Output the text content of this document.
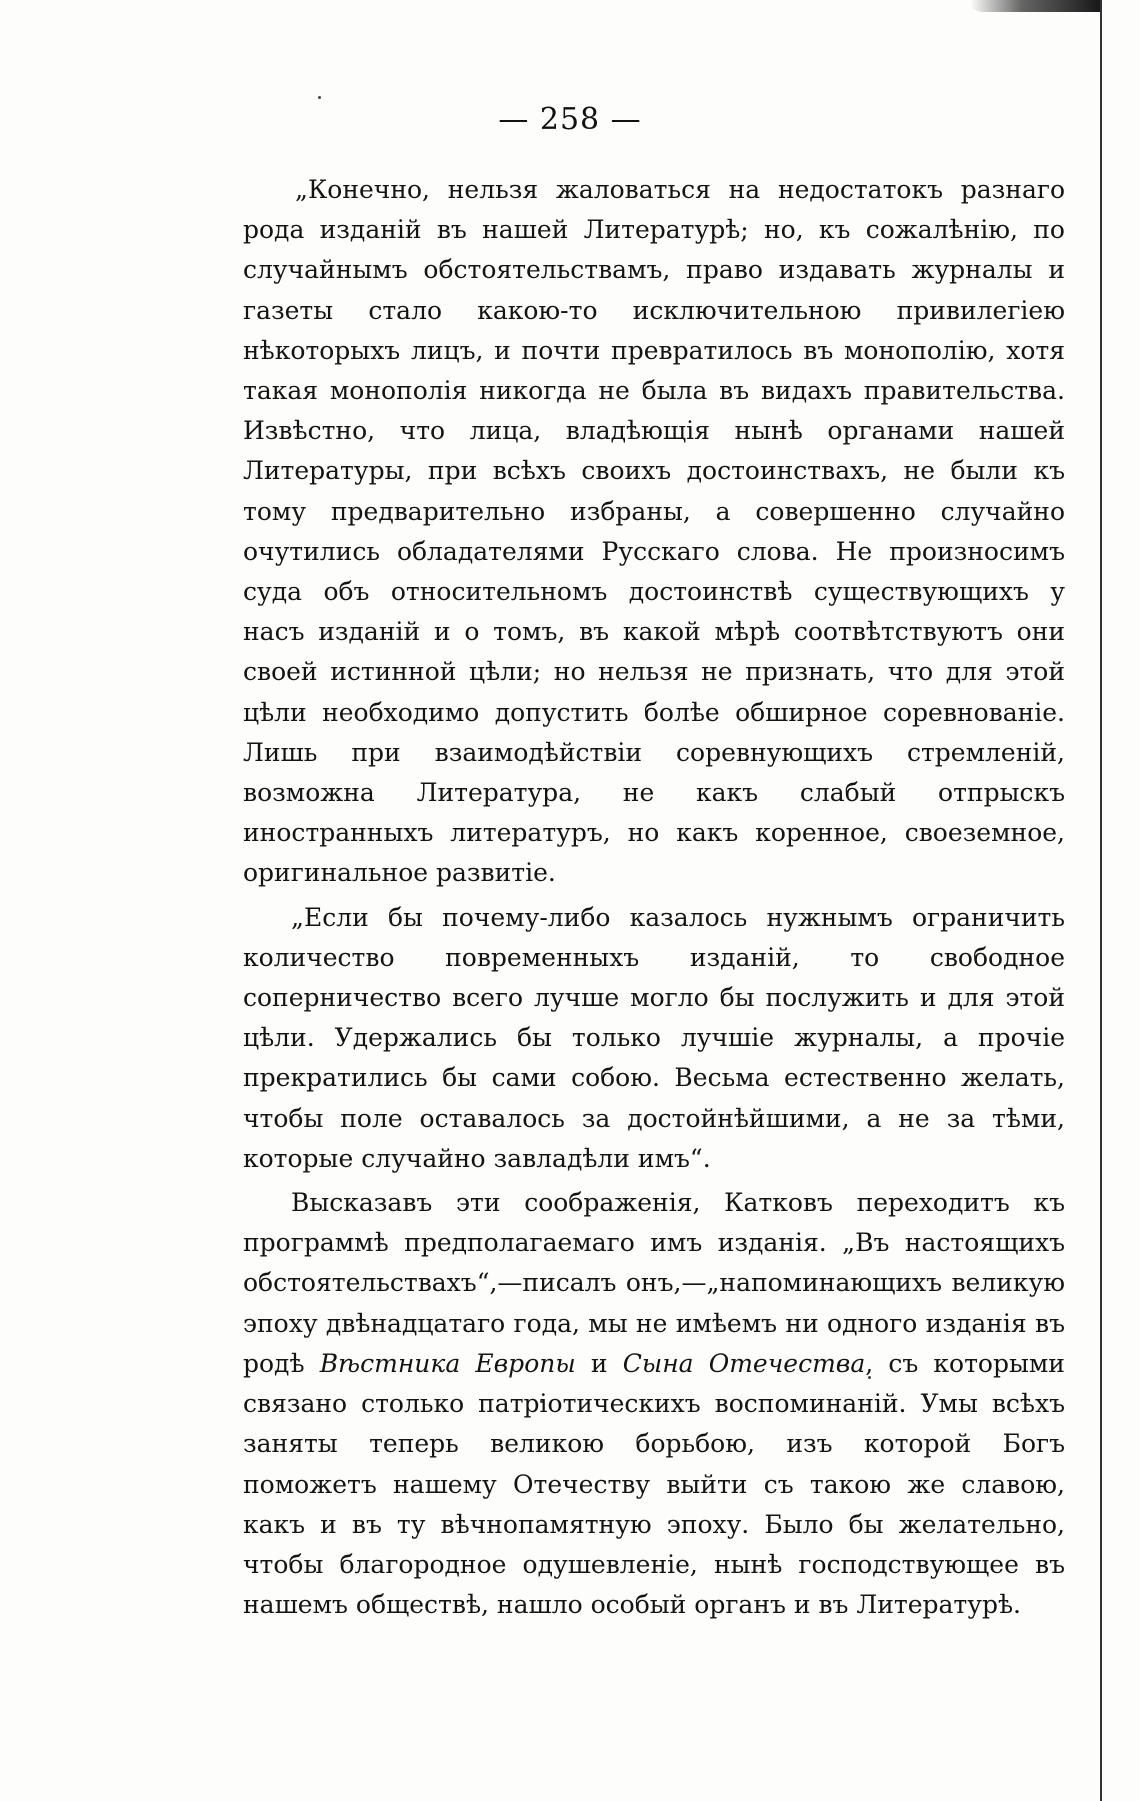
— 258 —

„Конечно, нельзя жаловаться на недостатокъ разнаго рода изданій въ нашей Литературѣ; но, къ сожалѣнію, по случайнымъ обстоятельствамъ, право издавать журналы и газеты стало какою-то исключительною привилегіею нѣкоторыхъ лицъ, и почти превратилось въ монополію, хотя такая монополія никогда не была въ видахъ правительства. Извѣстно, что лица, владѣющія нынѣ органами нашей Литературы, при всѣхъ своихъ достоинствахъ, не были къ тому предварительно избраны, а совершенно случайно очутились обладателями Русскаго слова. Не произносимъ суда объ относительномъ достоинствѣ существующихъ у насъ изданій и о томъ, въ какой мѣрѣ соотвѣтствуютъ они своей истинной цѣли; но нельзя не признать, что для этой цѣли необходимо допустить болѣе обширное соревнованіе. Лишь при взаимодѣйствіи соревнующихъ стремленій, возможна Литература, не какъ слабый отпрыскъ иностранныхъ литературъ, но какъ коренное, своеземное, оригинальное развитіе.

„Если бы почему-либо казалось нужнымъ ограничить количество повременныхъ изданій, то свободное соперничество всего лучше могло бы послужить и для этой цѣли. Удержались бы только лучшіе журналы, а прочіе прекратились бы сами собою. Весьма естественно желать, чтобы поле оставалось за достойнѣйшими, а не за тѣми, которые случайно завладѣли имъ“.

Высказавъ эти соображенія, Катковъ переходитъ къ программѣ предполагаемаго имъ изданія. „Въ настоящихъ обстоятельствахъ“,—писалъ онъ,—„напоминающихъ великую эпоху двѣнадцатаго года, мы не имѣемъ ни одного изданія въ родѣ Вѣстника Европы и Сына Отечества, съ которыми связано столько патріотическихъ воспоминаній. Умы всѣхъ заняты теперь великою борьбою, изъ которой Богъ поможетъ нашему Отечеству выйти съ такою же славою, какъ и въ ту вѣчнопамятную эпоху. Было бы желательно, чтобы благородное одушевленіе, нынѣ господствующее въ нашемъ обществѣ, нашло особый органъ и въ Литературѣ.
